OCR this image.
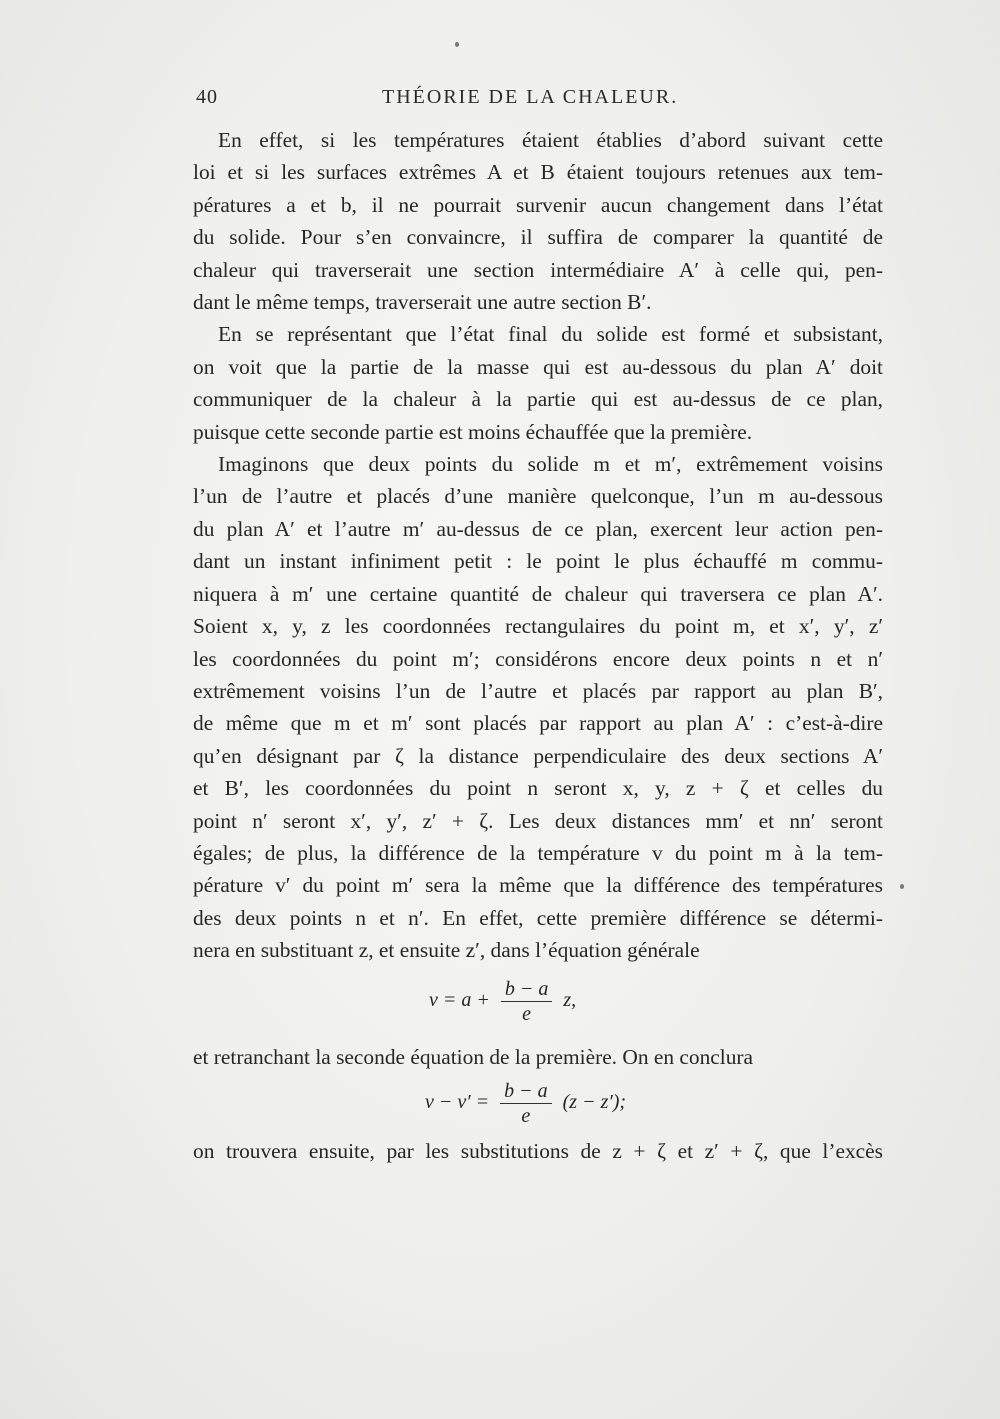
40	THÉORIE DE LA CHALEUR.
En effet, si les températures étaient établies d’abord suivant cette
loi et si les surfaces extrêmes A et B étaient toujours retenues aux tem-
pératures a et b, il ne pourrait survenir aucun changement dans l’état
du solide. Pour s’en convaincre, il suffira de comparer la quantité de
chaleur qui traverserait une section intermédiaire A′ à celle qui, pen-
dant le même temps, traverserait une autre section B′.
En se représentant que l’état final du solide est formé et subsistant,
on voit que la partie de la masse qui est au-dessous du plan A′ doit
communiquer de la chaleur à la partie qui est au-dessus de ce plan,
puisque cette seconde partie est moins échauffée que la première.
Imaginons que deux points du solide m et m′, extrêmement voisins
l’un de l’autre et placés d’une manière quelconque, l’un m au-dessous
du plan A′ et l’autre m′ au-dessus de ce plan, exercent leur action pen-
dant un instant infiniment petit : le point le plus échauffé m commu-
niquera à m′ une certaine quantité de chaleur qui traversera ce plan A′.
Soient x, y, z les coordonnées rectangulaires du point m, et x′, y′, z′
les coordonnées du point m′; considérons encore deux points n et n′
extrêmement voisins l’un de l’autre et placés par rapport au plan B′,
de même que m et m′ sont placés par rapport au plan A′ : c’est-à-dire
qu’en désignant par ζ la distance perpendiculaire des deux sections A′
et B′, les coordonnées du point n seront x, y, z + ζ et celles du
point n′ seront x′, y′, z′ + ζ. Les deux distances mm′ et nn′ seront
égales; de plus, la différence de la température v du point m à la tem-
pérature v′ du point m′ sera la même que la différence des températures
des deux points n et n′. En effet, cette première différence se détermi-
nera en substituant z, et ensuite z′, dans l’équation générale
$v = a + \frac{b - a}{e} z$,
et retranchant la seconde équation de la première. On en conclura
$v - v' = \frac{b - a}{e} (z - z')$;
on trouvera ensuite, par les substitutions de z + ζ et z′ + ζ, que l’excès
